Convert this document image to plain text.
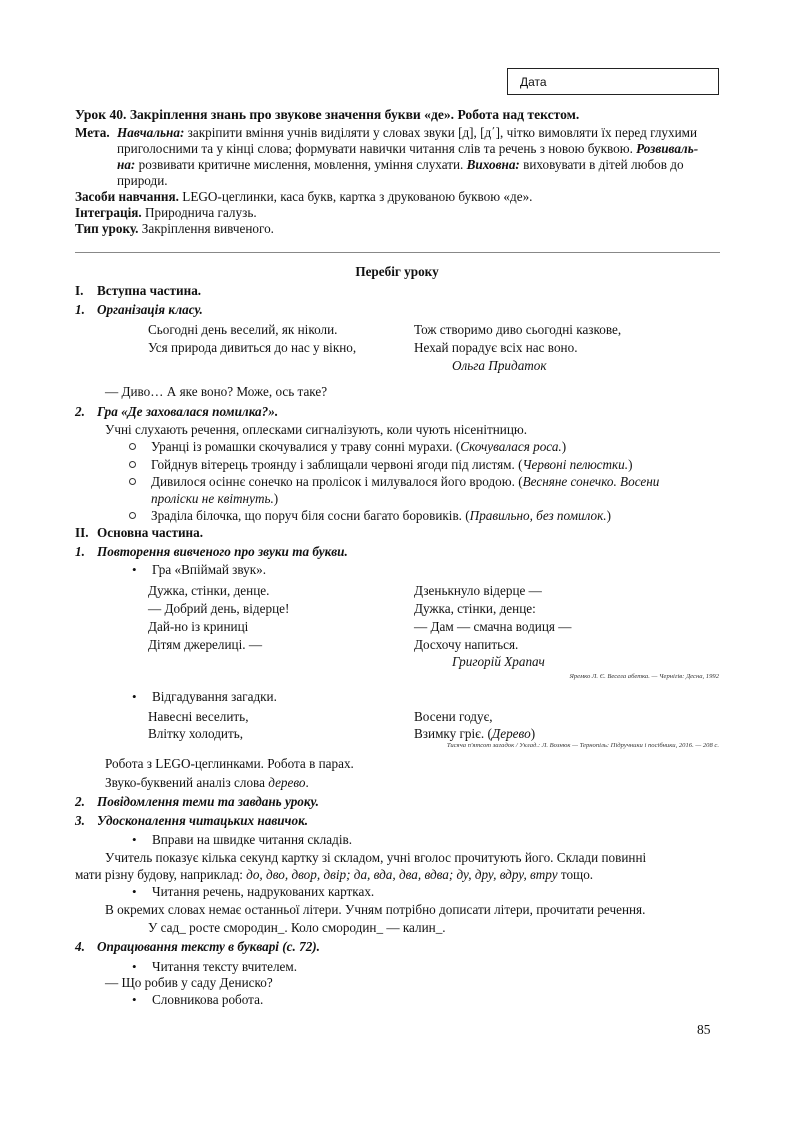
Дата
Урок 40. Закріплення знань про звукове значення букви «де». Робота над текстом.
Мета. Навчальна: закріпити вміння учнів виділяти у словах звуки [д], [д΄], чітко вимовляти їх перед глухими
приголосними та у кінці слова; формувати навички читання слів та речень з новою буквою. Розвиваль-
на: розвивати критичне мислення, мовлення, уміння слухати. Виховна: виховувати в дітей любов до
природи.
Засоби навчання. LEGO-цеглинки, каса букв, картка з друкованою буквою «де».
Інтеграція. Природнича галузь.
Тип уроку. Закріплення вивченого.
Перебіг уроку
I. Вступна частина.
1. Організація класу.
Сьогодні день веселий, як ніколи.
Уся природа дивиться до нас у вікно,
Тож створимо диво сьогодні казкове,
Нехай порадує всіх нас воно.
Ольга Придаток
— Диво… А яке воно? Може, ось таке?
2. Гра «Де заховалася помилка?».
Учні слухають речення, оплесками сигналізують, коли чують нісенітницю.
Уранці із ромашки скочувалися у траву сонні мурахи. (Скочувалася роса.)
Гойднув вітерець троянду і заблищали червоні ягоди під листям. (Червоні пелюстки.)
Дивилося осіннє сонечко на пролісок і милувалося його вродою. (Весняне сонечко. Восени
проліски не квітнуть.)
Зраділа білочка, що поруч біля сосни багато боровиків. (Правильно, без помилок.)
II. Основна частина.
1. Повторення вивченого про звуки та букви.
• Гра «Впіймай звук».
Дужка, стінки, денце.
— Добрий день, відерце!
Дай-но із криниці
Дітям джерелиці. —
Дзенькнуло відерце —
Дужка, стінки, денце:
— Дам — смачна водиця —
Досхочу напиться.
Григорій Храпач
Яремко Л. Є. Весела абетка. — Чернігів: Десна, 1992
• Відгадування загадки.
Навесні веселить,
Влітку холодить,
Восени годує,
Взимку гріє. (Дерево)
Тисяча п'ятсот загадок / Уклад.: Л. Вознюк — Тернопіль: Підручники і посібники, 2016. — 208 с.
Робота з LEGO-цеглинками. Робота в парах.
Звуко-буквений аналіз слова дерево.
2. Повідомлення теми та завдань уроку.
3. Удосконалення читацьких навичок.
• Вправи на швидке читання складів.
Учитель показує кілька секунд картку зі складом, учні вголос прочитують його. Склади повинні
мати різну будову, наприклад: до, дво, двор, двір; да, вда, два, вдва; ду, дру, вдру, втру тощо.
• Читання речень, надрукованих картках.
В окремих словах немає останньої літери. Учням потрібно дописати літери, прочитати речення.
У сад_ росте смородин_. Коло смородин_ — калин_.
4. Опрацювання тексту в букварі (с. 72).
• Читання тексту вчителем.
— Що робив у саду Дениско?
• Словникова робота.
85
